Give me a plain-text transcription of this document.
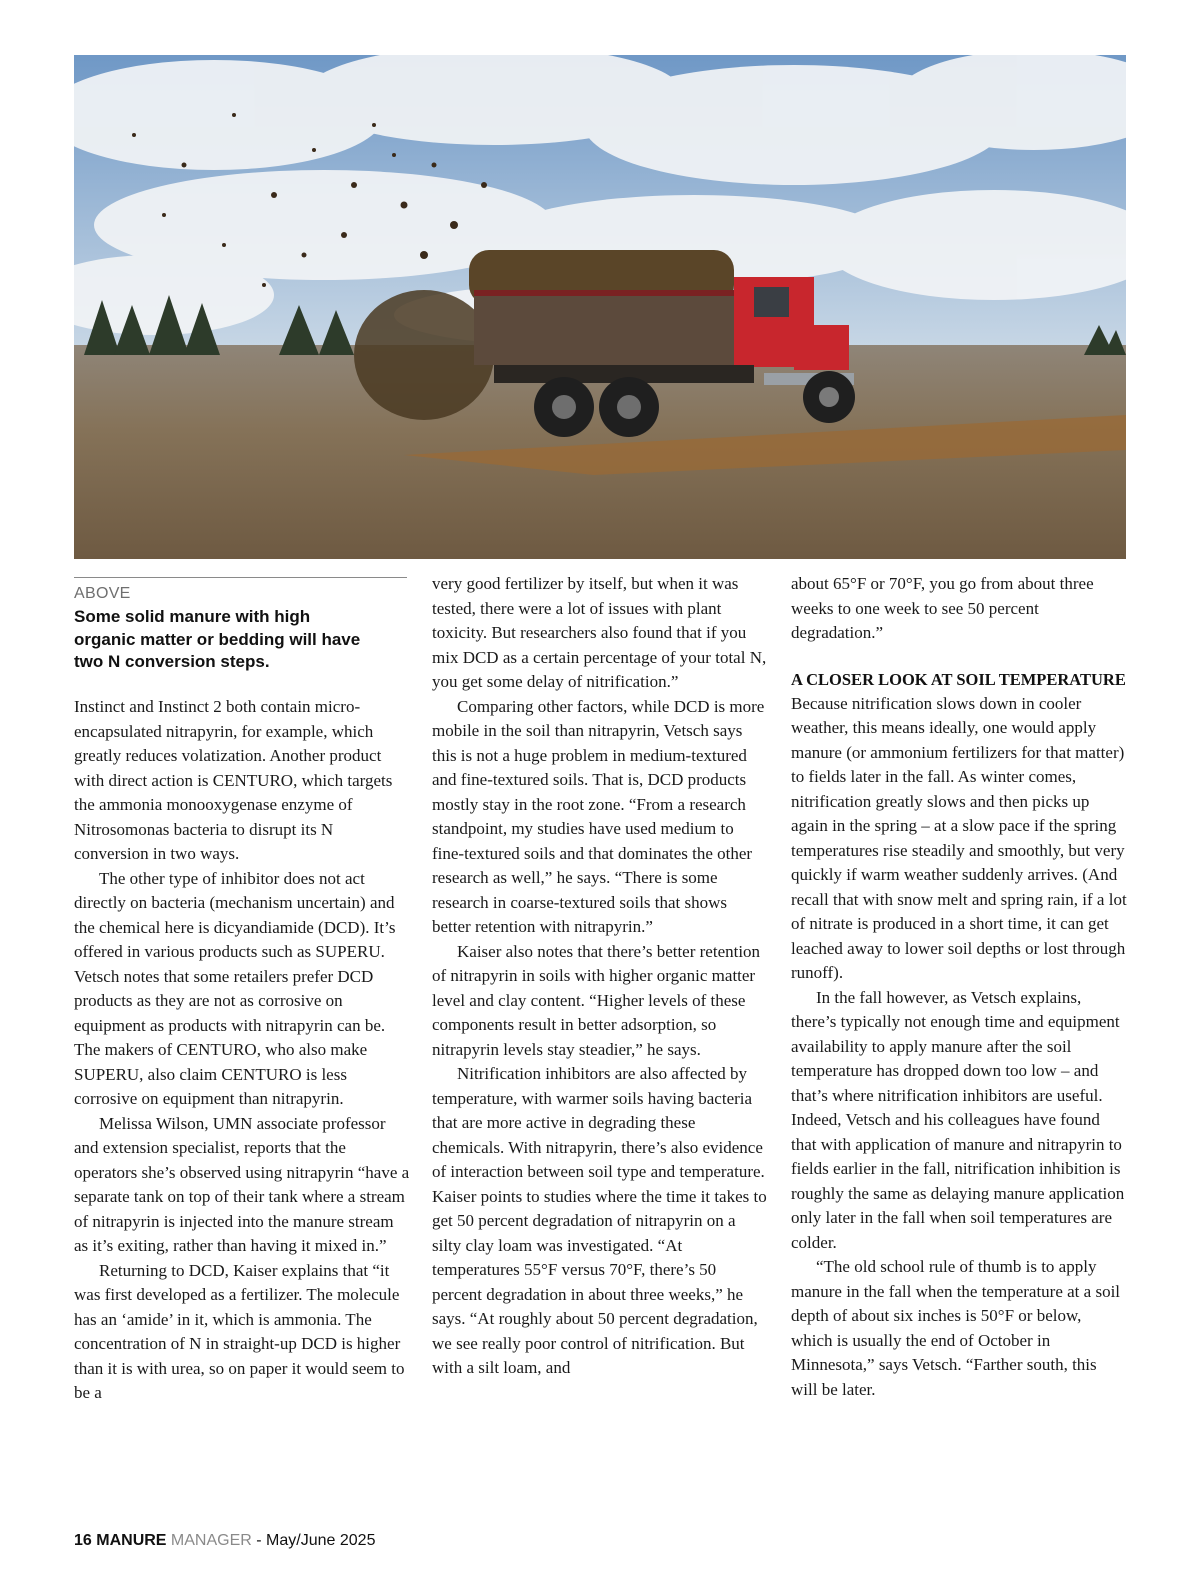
ABOVE
Some solid manure with high organic matter or bedding will have two N conversion steps.

Instinct and Instinct 2 both contain micro-encapsulated nitrapyrin, for example, which greatly reduces volatization. Another product with direct action is CENTURO, which targets the ammonia monooxygenase enzyme of Nitrosomonas bacteria to disrupt its N conversion in two ways.

The other type of inhibitor does not act directly on bacteria (mechanism uncertain) and the chemical here is dicyandiamide (DCD). It’s offered in various products such as SUPERU. Vetsch notes that some retailers prefer DCD products as they are not as corrosive on equipment as products with nitrapyrin can be. The makers of CENTURO, who also make SUPERU, also claim CENTURO is less corrosive on equipment than nitrapyrin.

Melissa Wilson, UMN associate professor and extension specialist, reports that the operators she’s observed using nitrapyrin “have a separate tank on top of their tank where a stream of nitrapyrin is injected into the manure stream as it’s exiting, rather than having it mixed in.”

Returning to DCD, Kaiser explains that “it was first developed as a fertilizer. The molecule has an ‘amide’ in it, which is ammonia. The concentration of N in straight-up DCD is higher than it is with urea, so on paper it would seem to be a

very good fertilizer by itself, but when it was tested, there were a lot of issues with plant toxicity. But researchers also found that if you mix DCD as a certain percentage of your total N, you get some delay of nitrification.”

Comparing other factors, while DCD is more mobile in the soil than nitrapyrin, Vetsch says this is not a huge problem in medium-textured and fine-textured soils. That is, DCD products mostly stay in the root zone. “From a research standpoint, my studies have used medium to fine-textured soils and that dominates the other research as well,” he says. “There is some research in coarse-textured soils that shows better retention with nitrapyrin.”

Kaiser also notes that there’s better retention of nitrapyrin in soils with higher organic matter level and clay content. “Higher levels of these components result in better adsorption, so nitrapyrin levels stay steadier,” he says.

Nitrification inhibitors are also affected by temperature, with warmer soils having bacteria that are more active in degrading these chemicals. With nitrapyrin, there’s also evidence of interaction between soil type and temperature. Kaiser points to studies where the time it takes to get 50 percent degradation of nitrapyrin on a silty clay loam was investigated. “At temperatures 55°F versus 70°F, there’s 50 percent degradation in about three weeks,” he says. “At roughly about 50 percent degradation, we see really poor control of nitrification. But with a silt loam, and

about 65°F or 70°F, you go from about three weeks to one week to see 50 percent degradation.”

A CLOSER LOOK AT SOIL TEMPERATURE

Because nitrification slows down in cooler weather, this means ideally, one would apply manure (or ammonium fertilizers for that matter) to fields later in the fall. As winter comes, nitrification greatly slows and then picks up again in the spring – at a slow pace if the spring temperatures rise steadily and smoothly, but very quickly if warm weather suddenly arrives. (And recall that with snow melt and spring rain, if a lot of nitrate is produced in a short time, it can get leached away to lower soil depths or lost through runoff).

In the fall however, as Vetsch explains, there’s typically not enough time and equipment availability to apply manure after the soil temperature has dropped down too low – and that’s where nitrification inhibitors are useful. Indeed, Vetsch and his colleagues have found that with application of manure and nitrapyrin to fields earlier in the fall, nitrification inhibition is roughly the same as delaying manure application only later in the fall when soil temperatures are colder.

“The old school rule of thumb is to apply manure in the fall when the temperature at a soil depth of about six inches is 50°F or below, which is usually the end of October in Minnesota,” says Vetsch. “Farther south, this will be later.

16 MANURE MANAGER - May/June 2025
